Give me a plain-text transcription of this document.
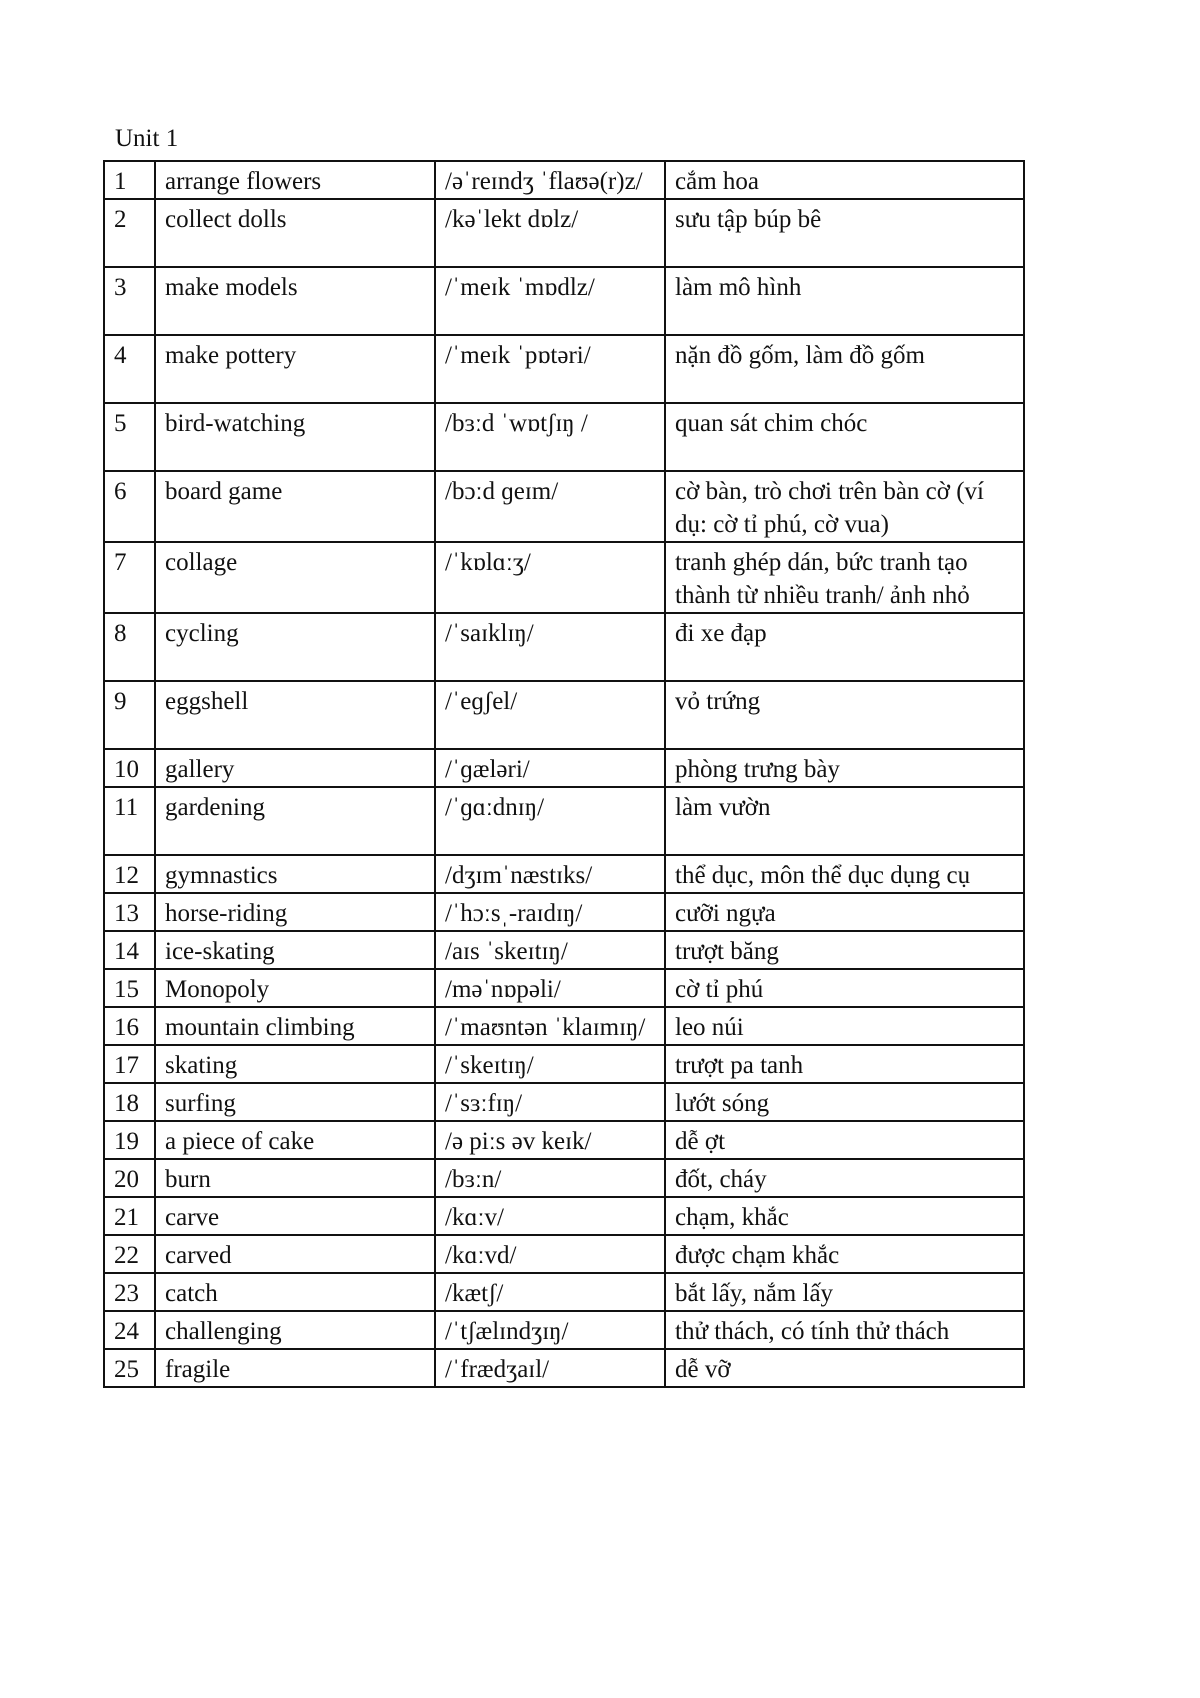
Unit 1
1	arrange flowers	/əˈreɪndʒ ˈflaʊə(r)z/	cắm hoa
2	collect dolls	/kəˈlekt dɒlz/	sưu tập búp bê
3	make models	/ˈmeɪk ˈmɒdlz/	làm mô hình
4	make pottery	/ˈmeɪk ˈpɒtəri/	nặn đồ gốm, làm đồ gốm
5	bird-watching	/bɜːd ˈwɒtʃɪŋ /	quan sát chim chóc
6	board game	/bɔːd ɡeɪm/	cờ bàn, trò chơi trên bàn cờ (ví dụ: cờ tỉ phú, cờ vua)
7	collage	/ˈkɒlɑːʒ/	tranh ghép dán, bức tranh tạo thành từ nhiều tranh/ ảnh nhỏ
8	cycling	/ˈsaɪklɪŋ/	đi xe đạp
9	eggshell	/ˈeɡʃel/	vỏ trứng
10	gallery	/ˈɡæləri/	phòng trưng bày
11	gardening	/ˈɡɑːdnɪŋ/	làm vườn
12	gymnastics	/dʒɪmˈnæstɪks/	thể dục, môn thể dục dụng cụ
13	horse-riding	/ˈhɔːsˌ-raɪdɪŋ/	cưỡi ngựa
14	ice-skating	/aɪs ˈskeɪtɪŋ/	trượt băng
15	Monopoly	/məˈnɒpəli/	cờ tỉ phú
16	mountain climbing	/ˈmaʊntən ˈklaɪmɪŋ/	leo núi
17	skating	/ˈskeɪtɪŋ/	trượt pa tanh
18	surfing	/ˈsɜːfɪŋ/	lướt sóng
19	a piece of cake	/ə piːs əv keɪk/	dễ ợt
20	burn	/bɜːn/	đốt, cháy
21	carve	/kɑːv/	chạm, khắc
22	carved	/kɑːvd/	được chạm khắc
23	catch	/kætʃ/	bắt lấy, nắm lấy
24	challenging	/ˈtʃælɪndʒɪŋ/	thử thách, có tính thử thách
25	fragile	/ˈfrædʒaɪl/	dễ vỡ
